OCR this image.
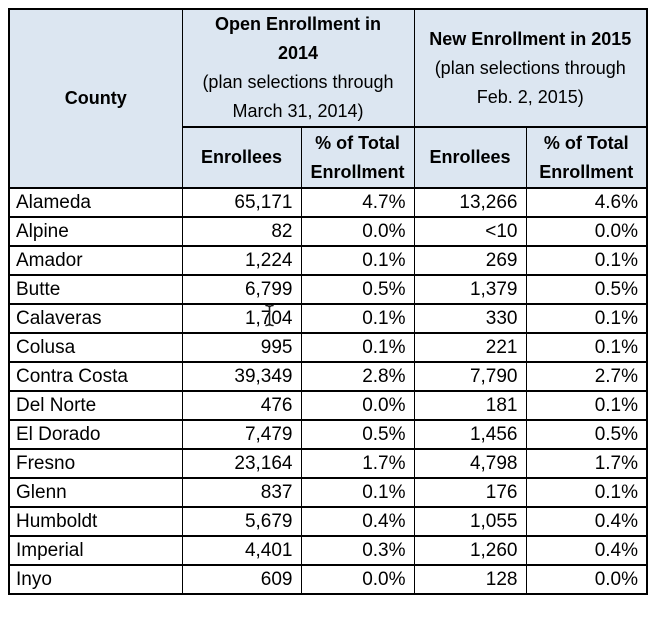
County

Open Enrollment in
2014
(plan selections through
March 31, 2014)

New Enrollment in 2015
(plan selections through
Feb. 2, 2015)

	Enrollees	% of Total Enrollment	Enrollees	% of Total Enrollment
Alameda	65,171	4.7%	13,266	4.6%
Alpine	82	0.0%	<10	0.0%
Amador	1,224	0.1%	269	0.1%
Butte	6,799	0.5%	1,379	0.5%
Calaveras	1,704	0.1%	330	0.1%
Colusa	995	0.1%	221	0.1%
Contra Costa	39,349	2.8%	7,790	2.7%
Del Norte	476	0.0%	181	0.1%
El Dorado	7,479	0.5%	1,456	0.5%
Fresno	23,164	1.7%	4,798	1.7%
Glenn	837	0.1%	176	0.1%
Humboldt	5,679	0.4%	1,055	0.4%
Imperial	4,401	0.3%	1,260	0.4%
Inyo	609	0.0%	128	0.0%
